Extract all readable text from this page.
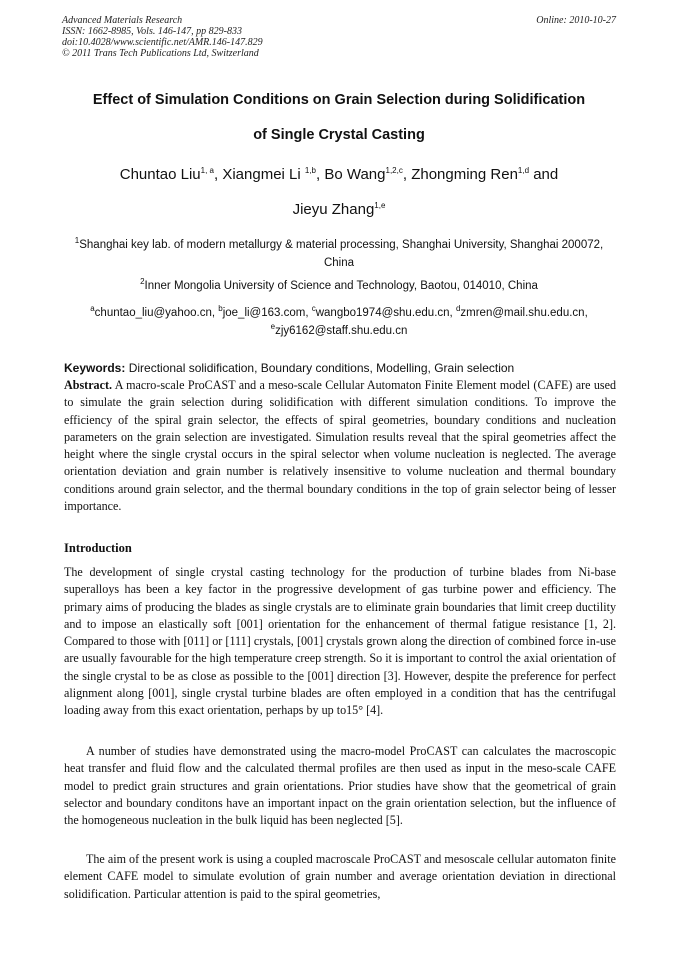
Advanced Materials Research
ISSN: 1662-8985, Vols. 146-147, pp 829-833
doi:10.4028/www.scientific.net/AMR.146-147.829
© 2011 Trans Tech Publications Ltd, Switzerland
Online: 2010-10-27
Effect of Simulation Conditions on Grain Selection during Solidification
of Single Crystal Casting
Chuntao Liu$^{1, a}$, Xiangmei Li $^{1,b}$, Bo Wang$^{1,2,c}$, Zhongming Ren$^{1,d}$ and
Jieyu Zhang$^{1,e}$
$^1$Shanghai key lab. of modern metallurgy & material processing, Shanghai University, Shanghai 200072, China
$^2$Inner Mongolia University of Science and Technology, Baotou, 014010, China
$^a$chuntao_liu@yahoo.cn, $^b$joe_li@163.com, $^c$wangbo1974@shu.edu.cn, $^d$zmren@mail.shu.edu.cn,
$^e$zjy6162@staff.shu.edu.cn
Keywords: Directional solidification, Boundary conditions, Modelling, Grain selection
Abstract. A macro-scale ProCAST and a meso-scale Cellular Automaton Finite Element model (CAFE) are used to simulate the grain selection during solidification with different simulation conditions. To improve the efficiency of the spiral grain selector, the effects of spiral geometries, boundary conditions and nucleation parameters on the grain selection are investigated. Simulation results reveal that the spiral geometries affect the height where the single crystal occurs in the spiral selector when volume nucleation is neglected. The average orientation deviation and grain number is relatively insensitive to volume nucleation and thermal boundary conditions around grain selector, and the thermal boundary conditions in the top of grain selector being of lesser importance.
Introduction
The development of single crystal casting technology for the production of turbine blades from Ni-base superalloys has been a key factor in the progressive development of gas turbine power and efficiency. The primary aims of producing the blades as single crystals are to eliminate grain boundaries that limit creep ductility and to impose an elastically soft [001] orientation for the enhancement of thermal fatigue resistance [1, 2]. Compared to those with [011] or [111] crystals, [001] crystals grown along the direction of combined force in-use are usually favourable for the high temperature creep strength. So it is important to control the axial orientation of the single crystal to be as close as possible to the [001] direction [3]. However, despite the preference for perfect alignment along [001], single crystal turbine blades are often employed in a condition that has the centrifugal loading away from this exact orientation, perhaps by up to15° [4].
A number of studies have demonstrated using the macro-model ProCAST can calculates the macroscopic heat transfer and fluid flow and the calculated thermal profiles are then used as input in the meso-scale CAFE model to predict grain structures and grain orientations. Prior studies have show that the geometrical of grain selector and boundary conditons have an important inpact on the grain orientation selection, but the influence of the homogeneous nucleation in the bulk liquid has been neglected [5].
The aim of the present work is using a coupled macroscale ProCAST and mesoscale cellular automaton finite element CAFE model to simulate evolution of grain number and average orientation deviation in directional solidification. Particular attention is paid to the spiral geometries,
